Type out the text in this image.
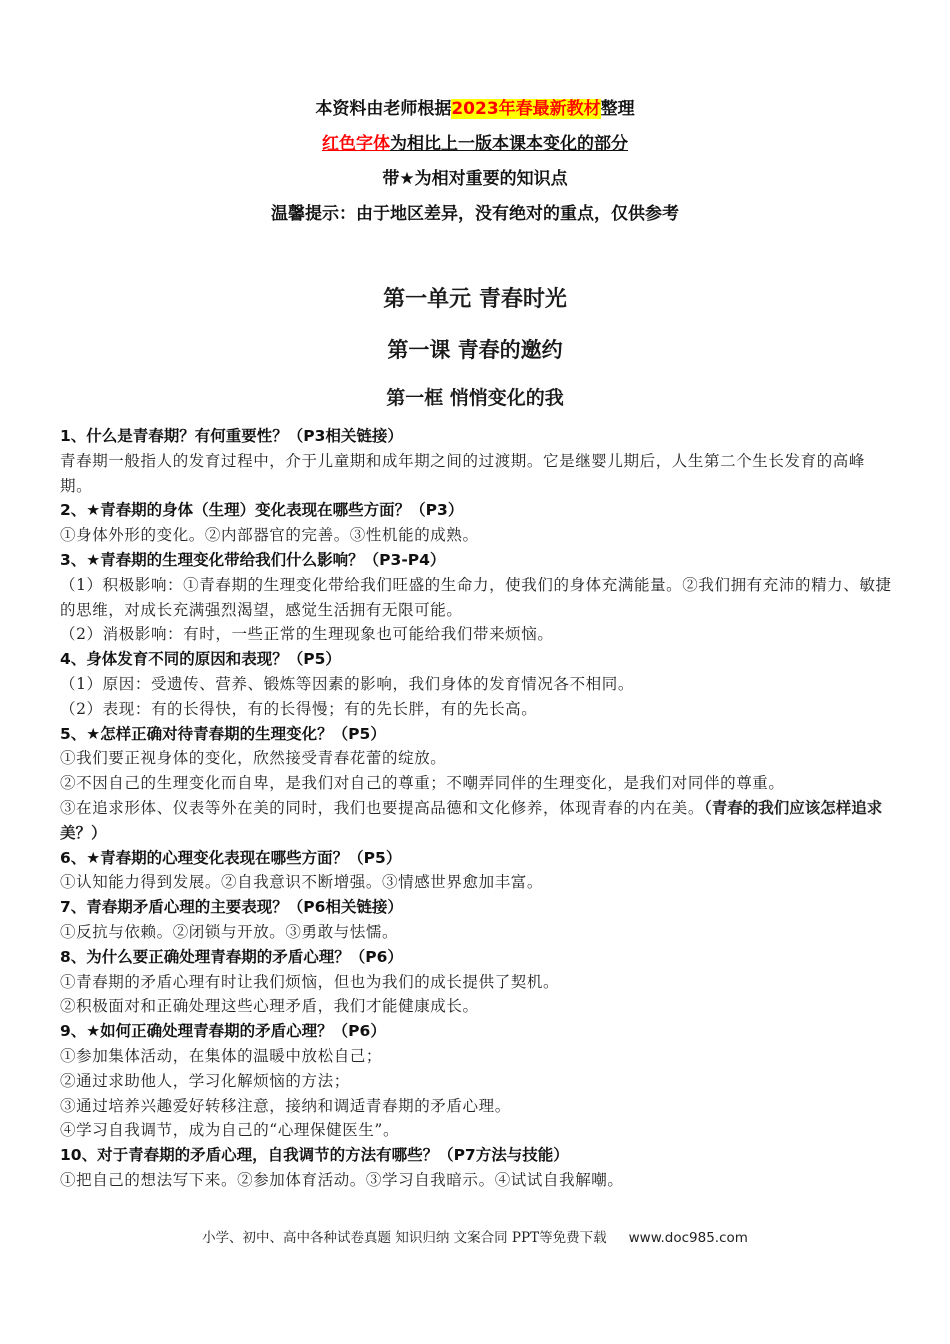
本资料由老师根据2023年春最新教材整理
红色字体为相比上一版本课本变化的部分
带★为相对重要的知识点
温馨提示：由于地区差异，没有绝对的重点，仅供参考
第一单元 青春时光
第一课 青春的邀约
第一框 悄悄变化的我
1、什么是青春期？有何重要性？（P3相关链接）
青春期一般指人的发育过程中，介于儿童期和成年期之间的过渡期。它是继婴儿期后，人生第二个生长发育的高峰期。
2、★青春期的身体（生理）变化表现在哪些方面？（P3）
①身体外形的变化。②内部器官的完善。③性机能的成熟。
3、★青春期的生理变化带给我们什么影响？（P3-P4）
（1）积极影响：①青春期的生理变化带给我们旺盛的生命力，使我们的身体充满能量。②我们拥有充沛的精力、敏捷的思维，对成长充满强烈渴望，感觉生活拥有无限可能。
（2）消极影响：有时，一些正常的生理现象也可能给我们带来烦恼。
4、身体发育不同的原因和表现？（P5）
（1）原因：受遗传、营养、锻炼等因素的影响，我们身体的发育情况各不相同。
（2）表现：有的长得快，有的长得慢；有的先长胖，有的先长高。
5、★怎样正确对待青春期的生理变化？（P5）
①我们要正视身体的变化，欣然接受青春花蕾的绽放。
②不因自己的生理变化而自卑，是我们对自己的尊重；不嘲弄同伴的生理变化，是我们对同伴的尊重。
③在追求形体、仪表等外在美的同时，我们也要提高品德和文化修养，体现青春的内在美。（青春的我们应该怎样追求美？）
6、★青春期的心理变化表现在哪些方面？（P5）
①认知能力得到发展。②自我意识不断增强。③情感世界愈加丰富。
7、青春期矛盾心理的主要表现？（P6相关链接）
①反抗与依赖。②闭锁与开放。③勇敢与怯懦。
8、为什么要正确处理青春期的矛盾心理？（P6）
①青春期的矛盾心理有时让我们烦恼，但也为我们的成长提供了契机。
②积极面对和正确处理这些心理矛盾，我们才能健康成长。
9、★如何正确处理青春期的矛盾心理？（P6）
①参加集体活动，在集体的温暖中放松自己；
②通过求助他人，学习化解烦恼的方法；
③通过培养兴趣爱好转移注意，接纳和调适青春期的矛盾心理。
④学习自我调节，成为自己的“心理保健医生”。
10、对于青春期的矛盾心理，自我调节的方法有哪些？（P7方法与技能）
①把自己的想法写下来。②参加体育活动。③学习自我暗示。④试试自我解嘲。
小学、初中、高中各种试卷真题 知识归纳 文案合同 PPT等免费下载 www.doc985.com
